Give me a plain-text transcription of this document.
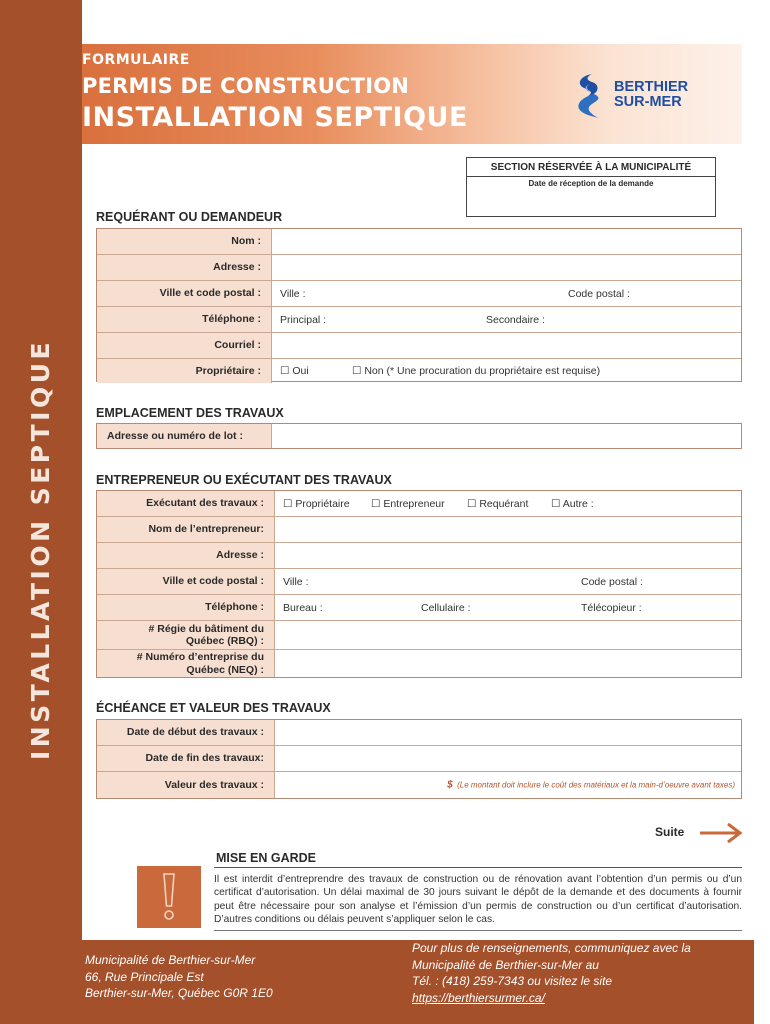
INSTALLATION SEPTIQUE
FORMULAIRE
PERMIS DE CONSTRUCTION
INSTALLATION SEPTIQUE
BERTHIER
SUR-MER
SECTION RÉSERVÉE À LA MUNICIPALITÉ
Date de réception de la demande
REQUÉRANT OU DEMANDEUR
Nom :
Adresse :
Ville et code postal :	Ville :	Code postal :
Téléphone :	Principal :	Secondaire :
Courriel :
Propriétaire :	☐ Oui	☐ Non (* Une procuration du propriétaire est requise)
EMPLACEMENT DES TRAVAUX
Adresse ou numéro de lot :
ENTREPRENEUR OU EXÉCUTANT DES TRAVAUX
Exécutant des travaux :	☐ Propriétaire ☐ Entrepreneur ☐ Requérant ☐ Autre :
Nom de l’entrepreneur:
Adresse :
Ville et code postal :	Ville :	Code postal :
Téléphone :	Bureau :	Cellulaire :	Télécopieur :
# Régie du bâtiment du
Québec (RBQ) :
# Numéro d’entreprise du
Québec (NEQ) :
ÉCHÉANCE ET VALEUR DES TRAVAUX
Date de début des travaux :
Date de fin des travaux:
Valeur des travaux :	$ (Le montant doit inclure le coût des matériaux et la main-d’oeuvre avant taxes)
Suite
MISE EN GARDE
Il est interdit d’entreprendre des travaux de construction ou de rénovation avant l’obtention d’un permis ou d’un certificat d’autorisation. Un délai maximal de 30 jours suivant le dépôt de la demande et des documents à fournir peut être nécessaire pour son analyse et l’émission d’un permis de construction ou d’un certificat d’autorisation. D’autres conditions ou délais peuvent s’appliquer selon le cas.
Municipalité de Berthier-sur-Mer
66, Rue Principale Est
Berthier-sur-Mer, Québec G0R 1E0
Pour plus de renseignements, communiquez avec la
Municipalité de Berthier-sur-Mer au
Tél. : (418) 259-7343 ou visitez le site
https://berthiersurmer.ca/
